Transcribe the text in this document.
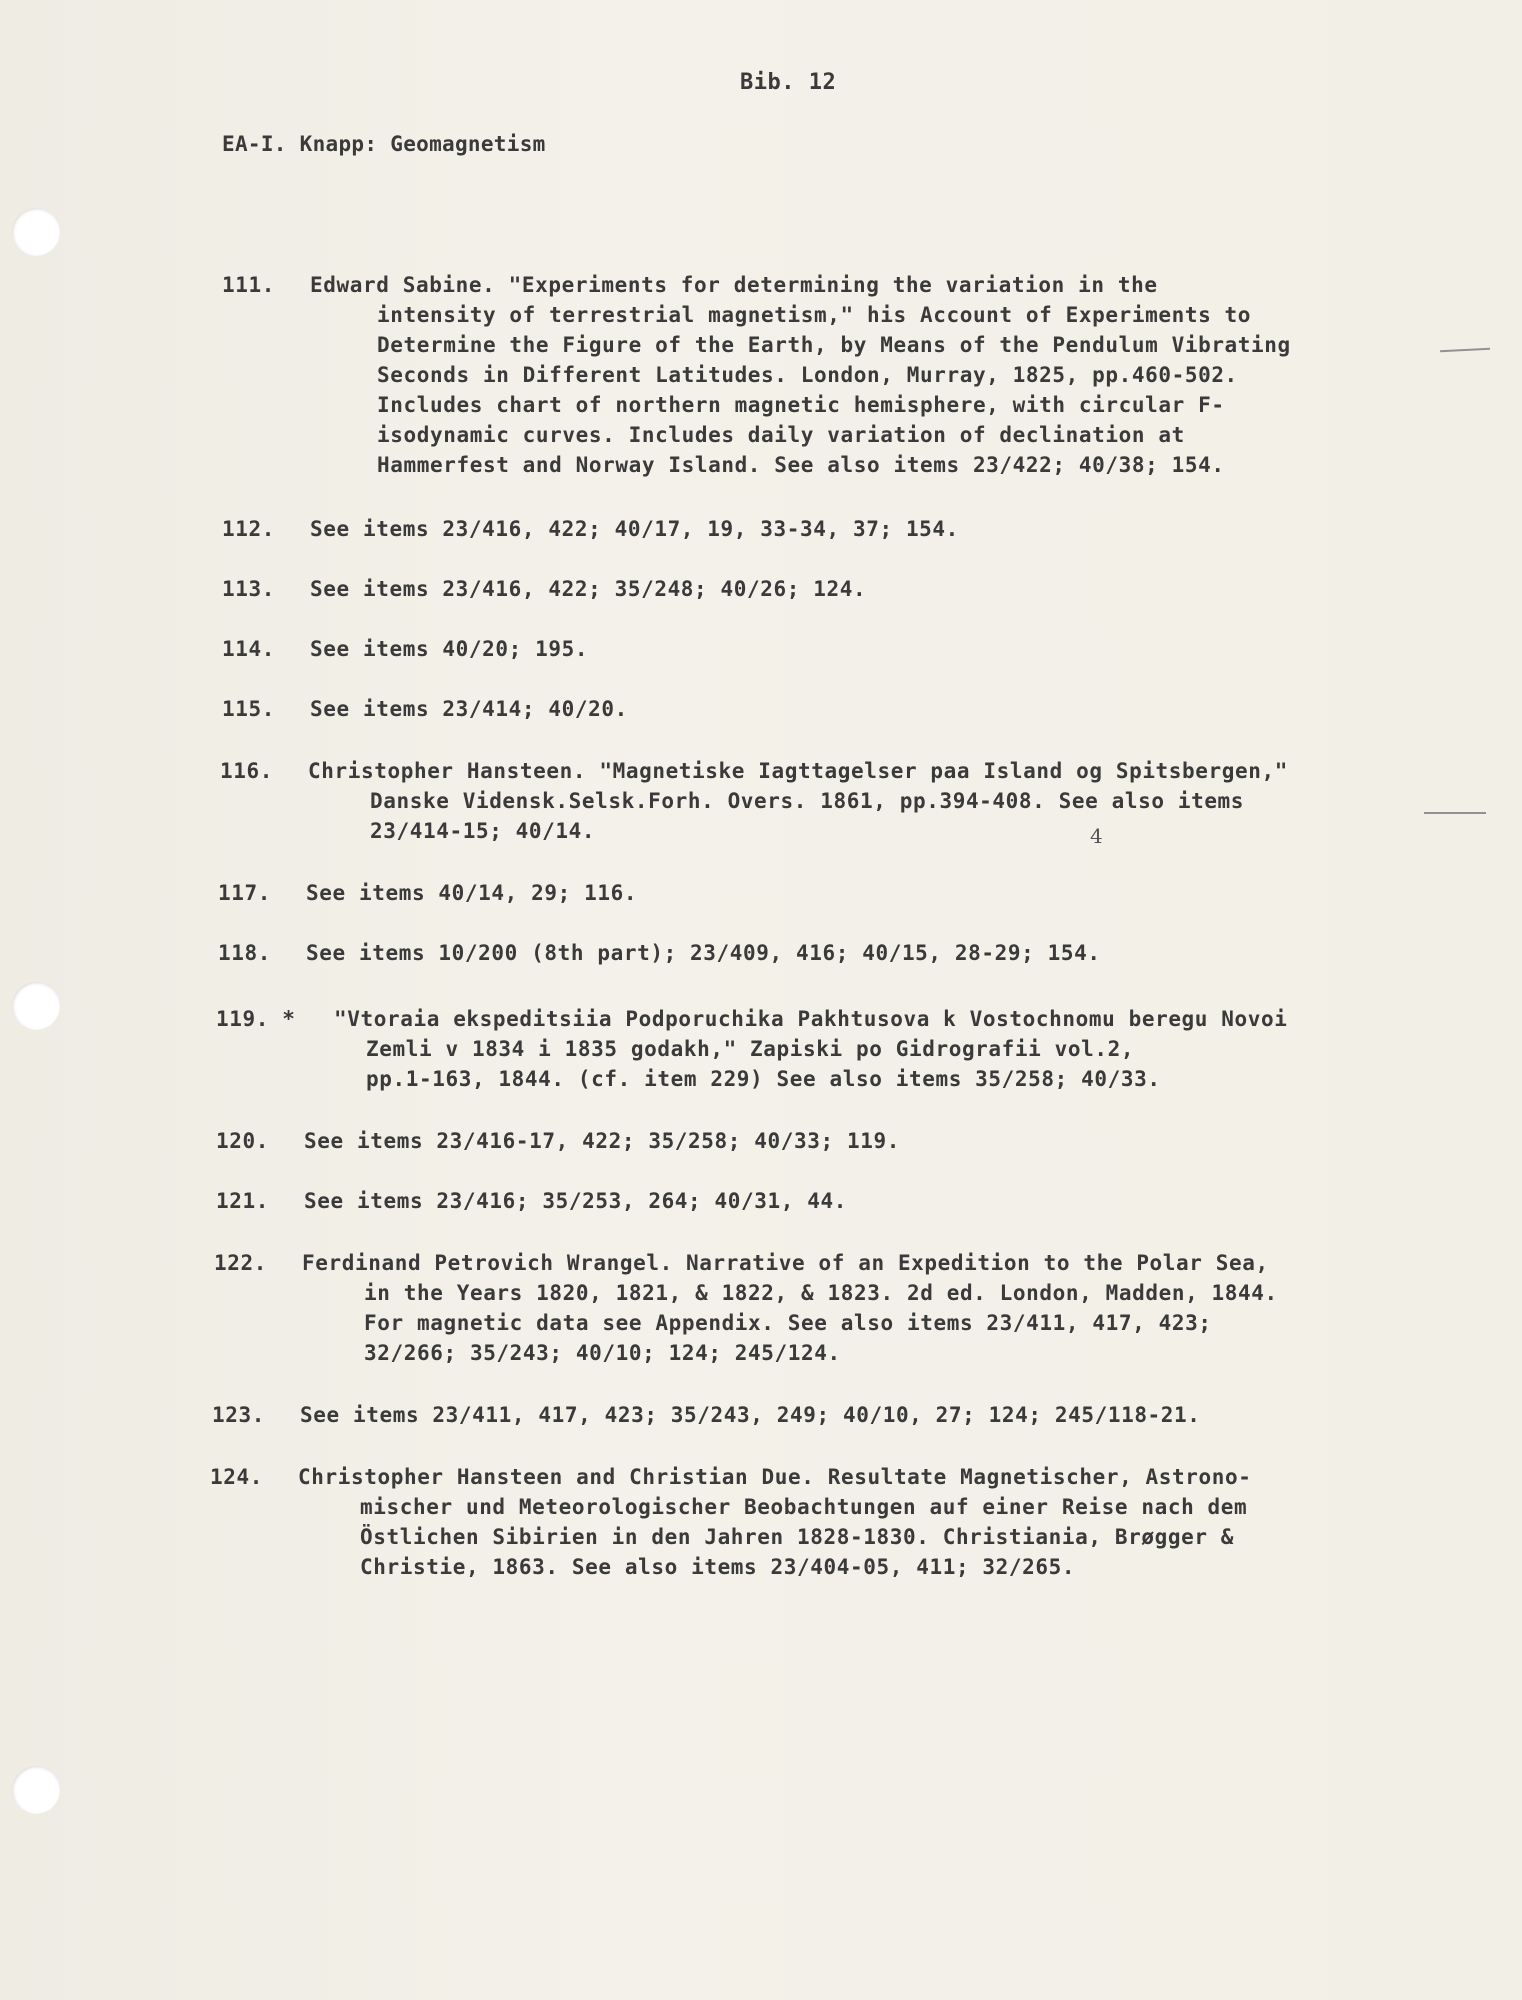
Bib. 12
EA-I. Knapp: Geomagnetism
111. Edward Sabine. "Experiments for determining the variation in the
intensity of terrestrial magnetism," his Account of Experiments to
Determine the Figure of the Earth, by Means of the Pendulum Vibrating
Seconds in Different Latitudes. London, Murray, 1825, pp.460-502.
Includes chart of northern magnetic hemisphere, with circular F-
isodynamic curves. Includes daily variation of declination at
Hammerfest and Norway Island. See also items 23/422; 40/38; 154.
112. See items 23/416, 422; 40/17, 19, 33-34, 37; 154.
113. See items 23/416, 422; 35/248; 40/26; 124.
114. See items 40/20; 195.
115. See items 23/414; 40/20.
116. Christopher Hansteen. "Magnetiske Iagttagelser paa Island og Spitsbergen,"
Danske Vidensk.Selsk.Forh. Overs. 1861, pp.394-408. See also items
23/414-15; 40/14.
117. See items 40/14, 29; 116.
118. See items 10/200 (8th part); 23/409, 416; 40/15, 28-29; 154.
119. * "Vtoraia ekspeditsiia Podporuchika Pakhtusova k Vostochnomu beregu Novoi
Zemli v 1834 i 1835 godakh," Zapiski po Gidrografii vol.2,
pp.1-163, 1844. (cf. item 229) See also items 35/258; 40/33.
120. See items 23/416-17, 422; 35/258; 40/33; 119.
121. See items 23/416; 35/253, 264; 40/31, 44.
122. Ferdinand Petrovich Wrangel. Narrative of an Expedition to the Polar Sea,
in the Years 1820, 1821, & 1822, & 1823. 2d ed. London, Madden, 1844.
For magnetic data see Appendix. See also items 23/411, 417, 423;
32/266; 35/243; 40/10; 124; 245/124.
123. See items 23/411, 417, 423; 35/243, 249; 40/10, 27; 124; 245/118-21.
124. Christopher Hansteen and Christian Due. Resultate Magnetischer, Astrono-
mischer und Meteorologischer Beobachtungen auf einer Reise nach dem
Östlichen Sibirien in den Jahren 1828-1830. Christiania, Brøgger &
Christie, 1863. See also items 23/404-05, 411; 32/265.
4
